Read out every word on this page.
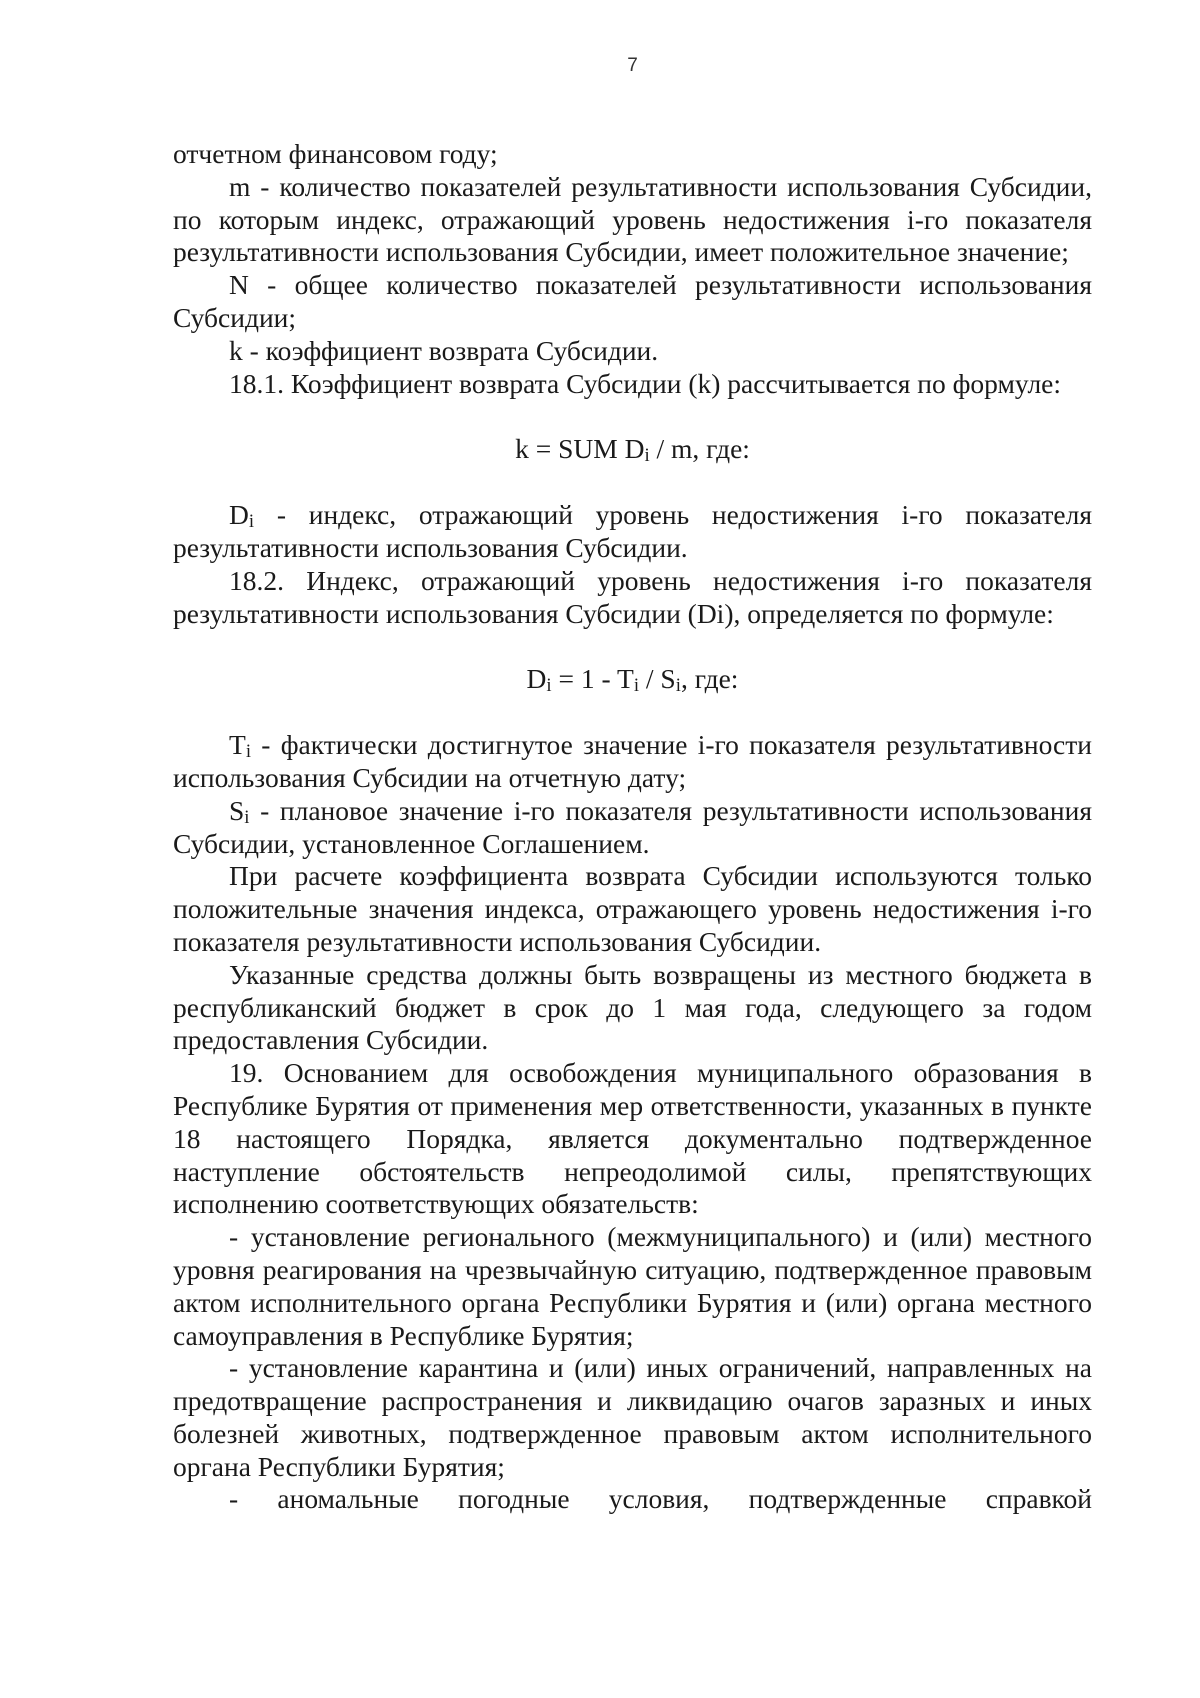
7

отчетном финансовом году;

m - количество показателей результативности использования Субсидии, по которым индекс, отражающий уровень недостижения i-го показателя результативности использования Субсидии, имеет положительное значение;

N - общее количество показателей результативности использования Субсидии;

k - коэффициент возврата Субсидии.

18.1. Коэффициент возврата Субсидии (k) рассчитывается по формуле:

k = SUM $D_i$ / m, где:

$D_i$ - индекс, отражающий уровень недостижения i-го показателя результативности использования Субсидии.

18.2. Индекс, отражающий уровень недостижения i-го показателя результативности использования Субсидии (Di), определяется по формуле:

$D_i = 1 - T_i / S_i$, где:

$T_i$ - фактически достигнутое значение i-го показателя результативности использования Субсидии на отчетную дату;

$S_i$ - плановое значение i-го показателя результативности использования Субсидии, установленное Соглашением.

При расчете коэффициента возврата Субсидии используются только положительные значения индекса, отражающего уровень недостижения i-го показателя результативности использования Субсидии.

Указанные средства должны быть возвращены из местного бюджета в республиканский бюджет в срок до 1 мая года, следующего за годом предоставления Субсидии.

19. Основанием для освобождения муниципального образования в Республике Бурятия от применения мер ответственности, указанных в пункте 18 настоящего Порядка, является документально подтвержденное наступление обстоятельств непреодолимой силы, препятствующих исполнению соответствующих обязательств:

- установление регионального (межмуниципального) и (или) местного уровня реагирования на чрезвычайную ситуацию, подтвержденное правовым актом исполнительного органа Республики Бурятия и (или) органа местного самоуправления в Республике Бурятия;

- установление карантина и (или) иных ограничений, направленных на предотвращение распространения и ликвидацию очагов заразных и иных болезней животных, подтвержденное правовым актом исполнительного органа Республики Бурятия;

- аномальные погодные условия, подтвержденные справкой
